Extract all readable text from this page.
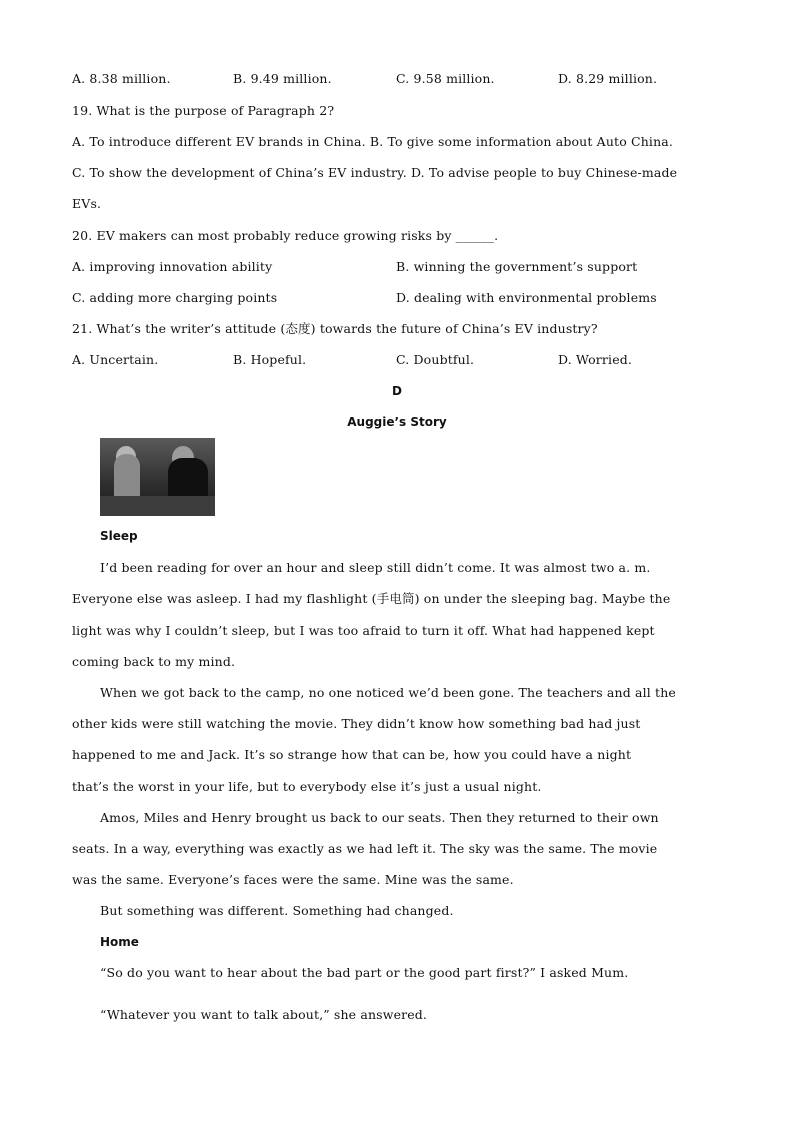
A. 8.38 million.	B. 9.49 million.	C. 9.58 million.	D. 8.29 million.
19. What is the purpose of Paragraph 2?
A. To introduce different EV brands in China. B. To give some information about Auto China.
C. To show the development of China’s EV industry. D. To advise people to buy Chinese-made
EVs.
20. EV makers can most probably reduce growing risks by ______.
A. improving innovation ability	B. winning the government’s support
C. adding more charging points	D. dealing with environmental problems
21. What’s the writer’s attitude (态度) towards the future of China’s EV industry?
A. Uncertain.	B. Hopeful.	C. Doubtful.	D. Worried.
D
Auggie’s Story
Sleep
I’d been reading for over an hour and sleep still didn’t come. It was almost two a. m.
Everyone else was asleep. I had my flashlight (手电筒) on under the sleeping bag. Maybe the
light was why I couldn’t sleep, but I was too afraid to turn it off. What had happened kept
coming back to my mind.
When we got back to the camp, no one noticed we’d been gone. The teachers and all the
other kids were still watching the movie. They didn’t know how something bad had just
happened to me and Jack. It’s so strange how that can be, how you could have a night
that’s the worst in your life, but to everybody else it’s just a usual night.
Amos, Miles and Henry brought us back to our seats. Then they returned to their own
seats. In a way, everything was exactly as we had left it. The sky was the same. The movie
was the same. Everyone’s faces were the same. Mine was the same.
But something was different. Something had changed.
Home
“So do you want to hear about the bad part or the good part first?” I asked Mum.
“Whatever you want to talk about,” she answered.
